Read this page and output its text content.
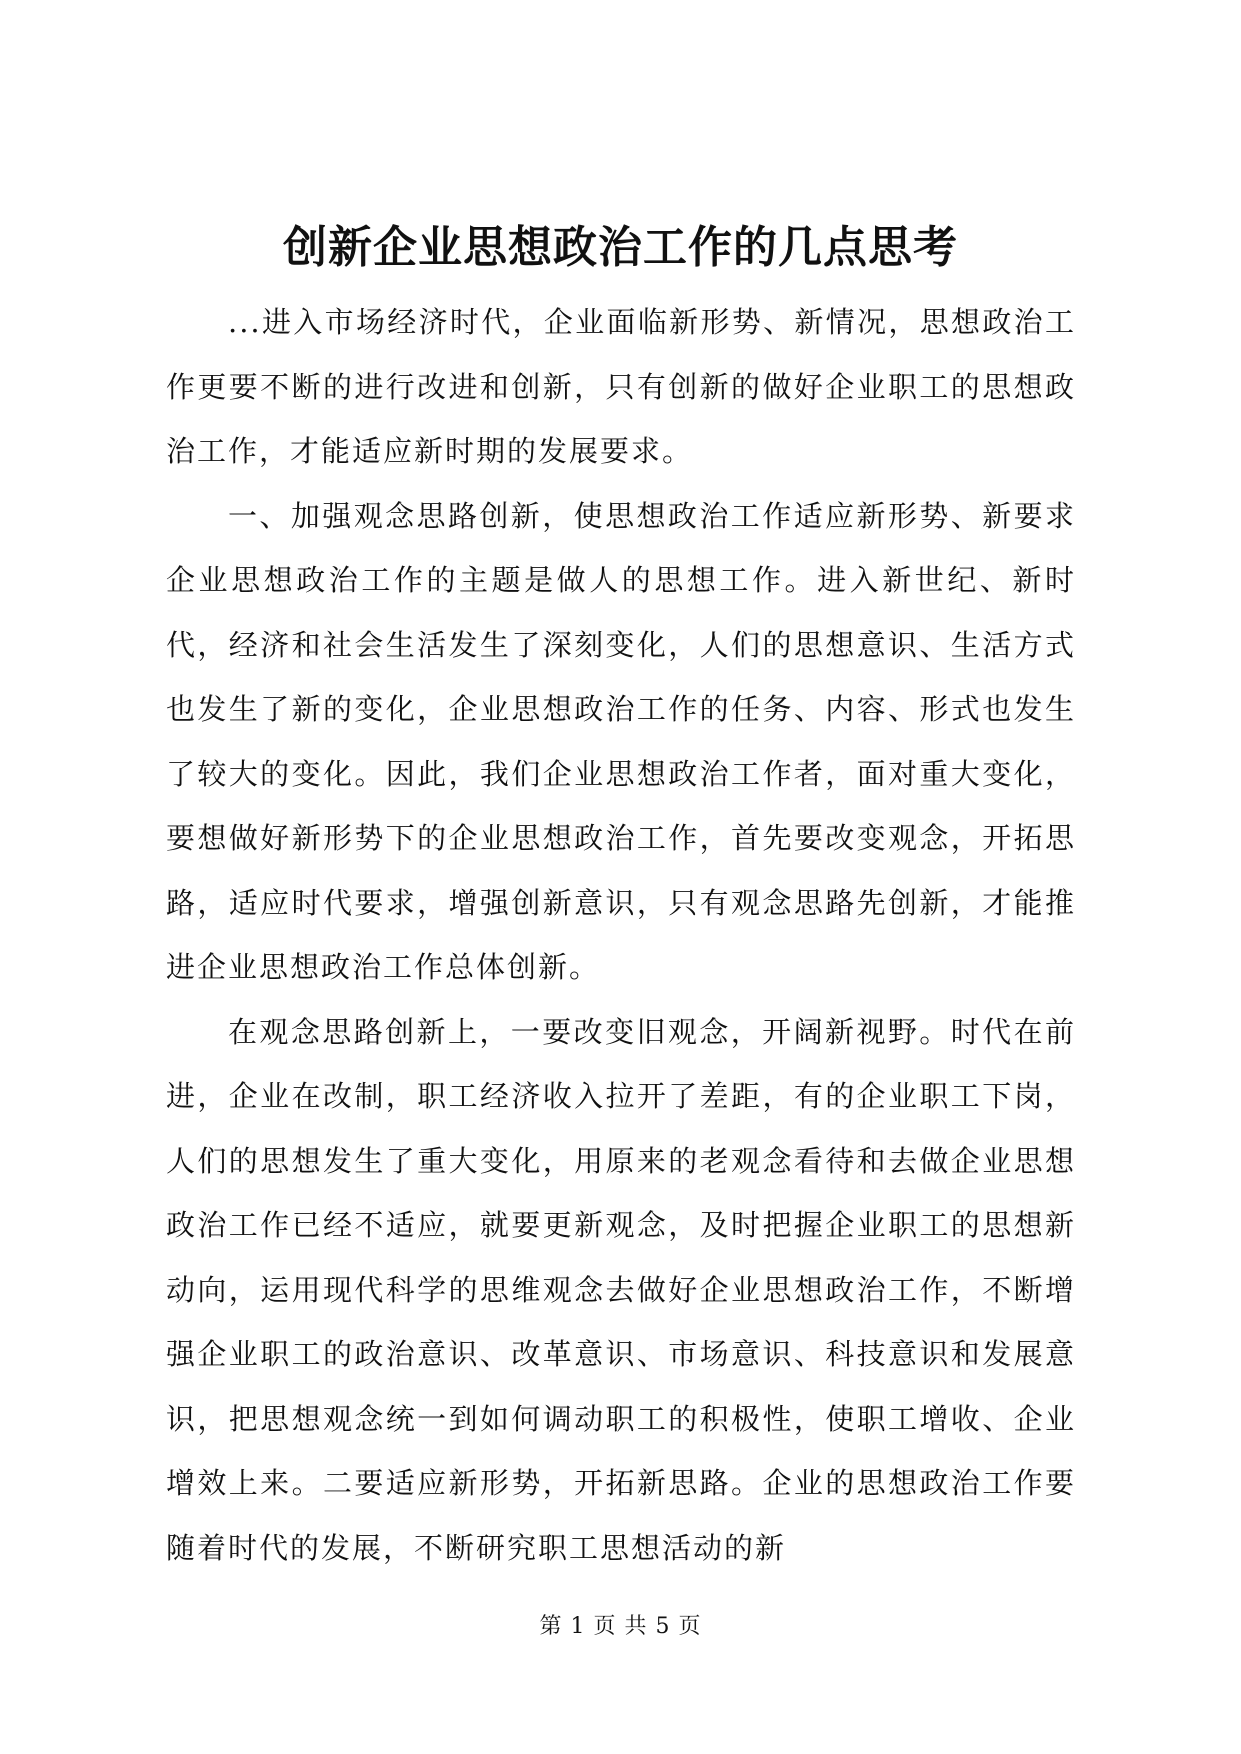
创新企业思想政治工作的几点思考

...进入市场经济时代，企业面临新形势、新情况，思想政治工作更要不断的进行改进和创新，只有创新的做好企业职工的思想政治工作，才能适应新时期的发展要求。

一、加强观念思路创新，使思想政治工作适应新形势、新要求企业思想政治工作的主题是做人的思想工作。进入新世纪、新时代，经济和社会生活发生了深刻变化，人们的思想意识、生活方式也发生了新的变化，企业思想政治工作的任务、内容、形式也发生了较大的变化。因此，我们企业思想政治工作者，面对重大变化，要想做好新形势下的企业思想政治工作，首先要改变观念，开拓思路，适应时代要求，增强创新意识，只有观念思路先创新，才能推进企业思想政治工作总体创新。

在观念思路创新上，一要改变旧观念，开阔新视野。时代在前进，企业在改制，职工经济收入拉开了差距，有的企业职工下岗，人们的思想发生了重大变化，用原来的老观念看待和去做企业思想政治工作已经不适应，就要更新观念，及时把握企业职工的思想新动向，运用现代科学的思维观念去做好企业思想政治工作，不断增强企业职工的政治意识、改革意识、市场意识、科技意识和发展意识，把思想观念统一到如何调动职工的积极性，使职工增收、企业增效上来。二要适应新形势，开拓新思路。企业的思想政治工作要随着时代的发展，不断研究职工思想活动的新

第 1 页 共 5 页
